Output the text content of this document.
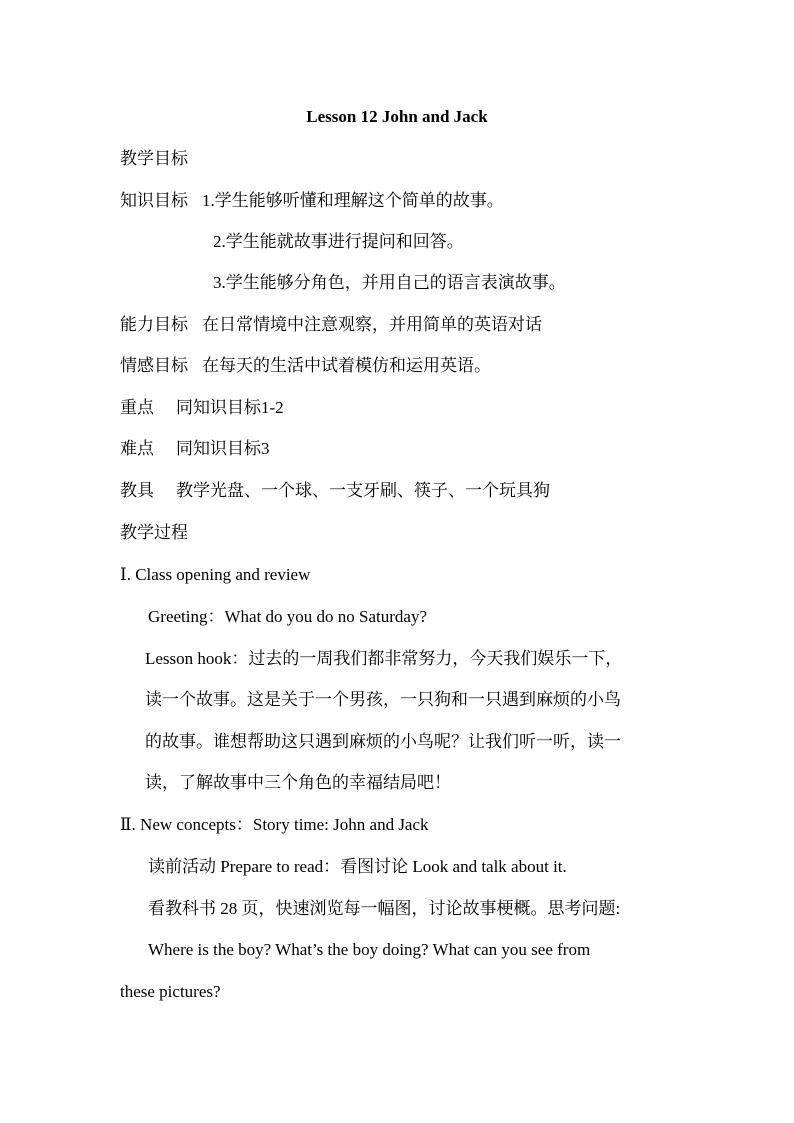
Lesson 12 John and Jack
教学目标
知识目标 1.学生能够听懂和理解这个简单的故事。
2.学生能就故事进行提问和回答。
3.学生能够分角色，并用自己的语言表演故事。
能力目标 在日常情境中注意观察，并用简单的英语对话
情感目标 在每天的生活中试着模仿和运用英语。
重点 同知识目标1-2
难点 同知识目标3
教具 教学光盘、一个球、一支牙刷、筷子、一个玩具狗
教学过程
Ⅰ. Class opening and review
Greeting：What do you do no Saturday?
Lesson hook：过去的一周我们都非常努力，今天我们娱乐一下，
读一个故事。这是关于一个男孩，一只狗和一只遇到麻烦的小鸟
的故事。谁想帮助这只遇到麻烦的小鸟呢？让我们听一听，读一
读，了解故事中三个角色的幸福结局吧！
Ⅱ. New concepts：Story time: John and Jack
读前活动 Prepare to read：看图讨论 Look and talk about it.
看教科书 28 页，快速浏览每一幅图，讨论故事梗概。思考问题:
Where is the boy? What’s the boy doing? What can you see from
these pictures?
